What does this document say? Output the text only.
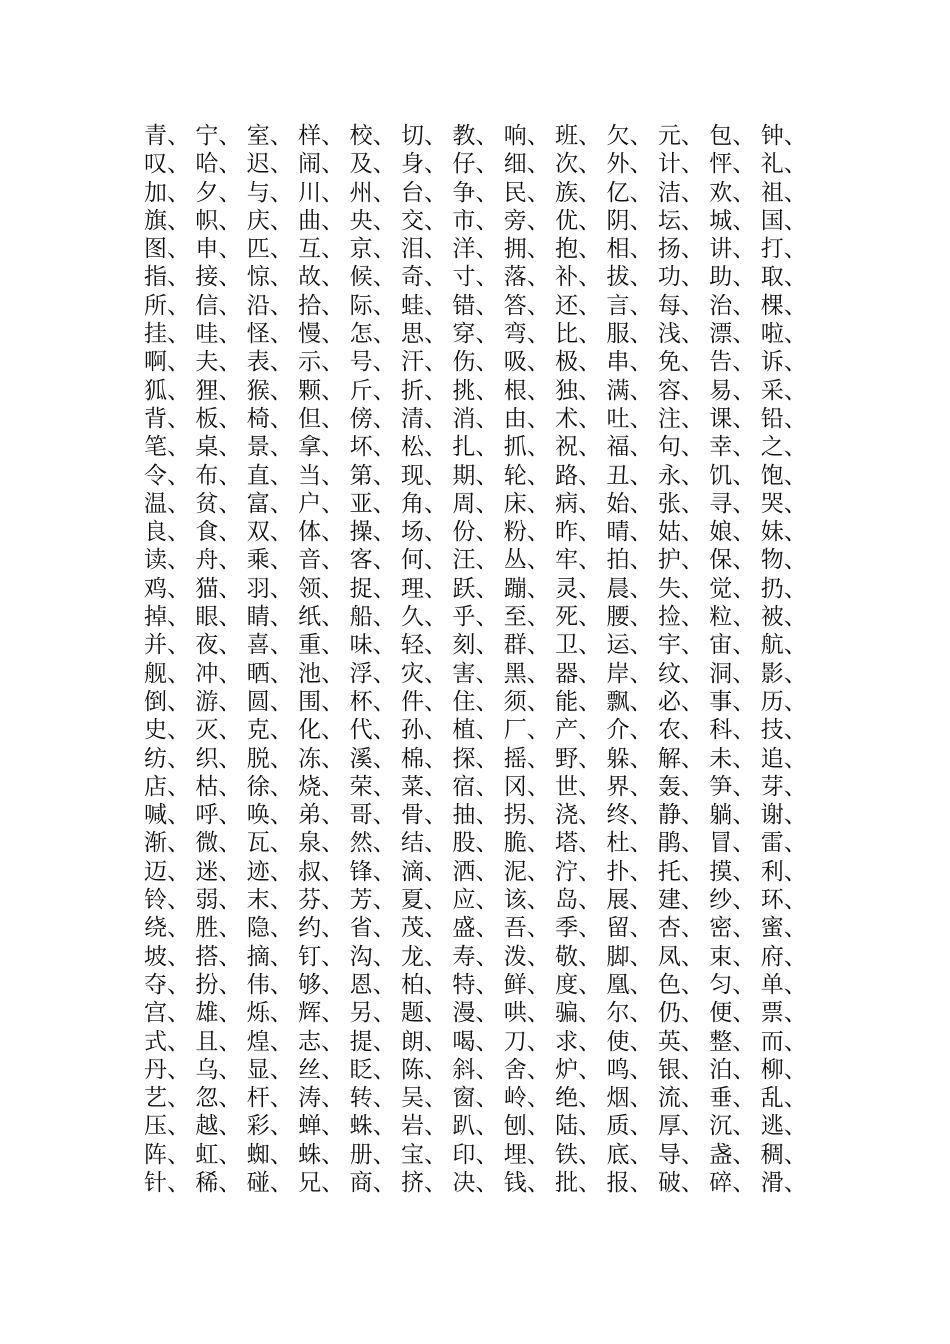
青、 宁、 室、 样、 校、 切、 教、 响、 班、 欠、 元、 包、 钟、
叹、 哈、 迟、 闹、 及、 身、 仔、 细、 次、 外、 计、 怦、 礼、
加、 夕、 与、 川、 州、 台、 争、 民、 族、 亿、 洁、 欢、 祖、
旗、 帜、 庆、 曲、 央、 交、 市、 旁、 优、 阴、 坛、 城、 国、
图、 申、 匹、 互、 京、 泪、 洋、 拥、 抱、 相、 扬、 讲、 打、
指、 接、 惊、 故、 候、 奇、 寸、 落、 补、 拔、 功、 助、 取、
所、 信、 沿、 拾、 际、 蛙、 错、 答、 还、 言、 每、 治、 棵、
挂、 哇、 怪、 慢、 怎、 思、 穿、 弯、 比、 服、 浅、 漂、 啦、
啊、 夫、 表、 示、 号、 汗、 伤、 吸、 极、 串、 免、 告、 诉、
狐、 狸、 猴、 颗、 斤、 折、 挑、 根、 独、 满、 容、 易、 采、
背、 板、 椅、 但、 傍、 清、 消、 由、 术、 吐、 注、 课、 铅、
笔、 桌、 景、 拿、 坏、 松、 扎、 抓、 祝、 福、 句、 幸、 之、
令、 布、 直、 当、 第、 现、 期、 轮、 路、 丑、 永、 饥、 饱、
温、 贫、 富、 户、 亚、 角、 周、 床、 病、 始、 张、 寻、 哭、
良、 食、 双、 体、 操、 场、 份、 粉、 昨、 晴、 姑、 娘、 妹、
读、 舟、 乘、 音、 客、 何、 汪、 丛、 牢、 拍、 护、 保、 物、
鸡、 猫、 羽、 领、 捉、 理、 跃、 蹦、 灵、 晨、 失、 觉、 扔、
掉、 眼、 睛、 纸、 船、 久、 乎、 至、 死、 腰、 捡、 粒、 被、
并、 夜、 喜、 重、 味、 轻、 刻、 群、 卫、 运、 宇、 宙、 航、
舰、 冲、 晒、 池、 浮、 灾、 害、 黑、 器、 岸、 纹、 洞、 影、
倒、 游、 圆、 围、 杯、 件、 住、 须、 能、 飘、 必、 事、 历、
史、 灭、 克、 化、 代、 孙、 植、 厂、 产、 介、 农、 科、 技、
纺、 织、 脱、 冻、 溪、 棉、 探、 摇、 野、 躲、 解、 未、 追、
店、 枯、 徐、 烧、 荣、 菜、 宿、 冈、 世、 界、 轰、 笋、 芽、
喊、 呼、 唤、 弟、 哥、 骨、 抽、 拐、 浇、 终、 静、 躺、 谢、
渐、 微、 瓦、 泉、 然、 结、 股、 脆、 塔、 杜、 鹃、 冒、 雷、
迈、 迷、 迹、 叔、 锋、 滴、 洒、 泥、 泞、 扑、 托、 摸、 利、
铃、 弱、 末、 芬、 芳、 夏、 应、 该、 岛、 展、 建、 纱、 环、
绕、 胜、 隐、 约、 省、 茂、 盛、 吾、 季、 留、 杏、 密、 蜜、
坡、 搭、 摘、 钉、 沟、 龙、 寿、 泼、 敬、 脚、 凤、 束、 府、
夺、 扮、 伟、 够、 恩、 柏、 特、 鲜、 度、 凰、 色、 匀、 单、
宫、 雄、 烁、 辉、 另、 题、 漫、 哄、 骗、 尔、 仍、 便、 票、
式、 且、 煌、 志、 提、 朗、 喝、 刀、 求、 使、 英、 整、 而、
丹、 乌、 显、 丝、 眨、 陈、 斜、 舍、 炉、 鸣、 银、 泊、 柳、
艺、 忽、 杆、 涛、 转、 吴、 窗、 岭、 绝、 烟、 流、 垂、 乱、
压、 越、 彩、 蝉、 蛛、 岩、 趴、 刨、 陆、 质、 厚、 沉、 逃、
阵、 虹、 蜘、 蛛、 册、 宝、 印、 埋、 铁、 底、 导、 盏、 稠、
针、 稀、 碰、 兄、 商、 挤、 决、 钱、 批、 报、 破、 碎、 滑、
